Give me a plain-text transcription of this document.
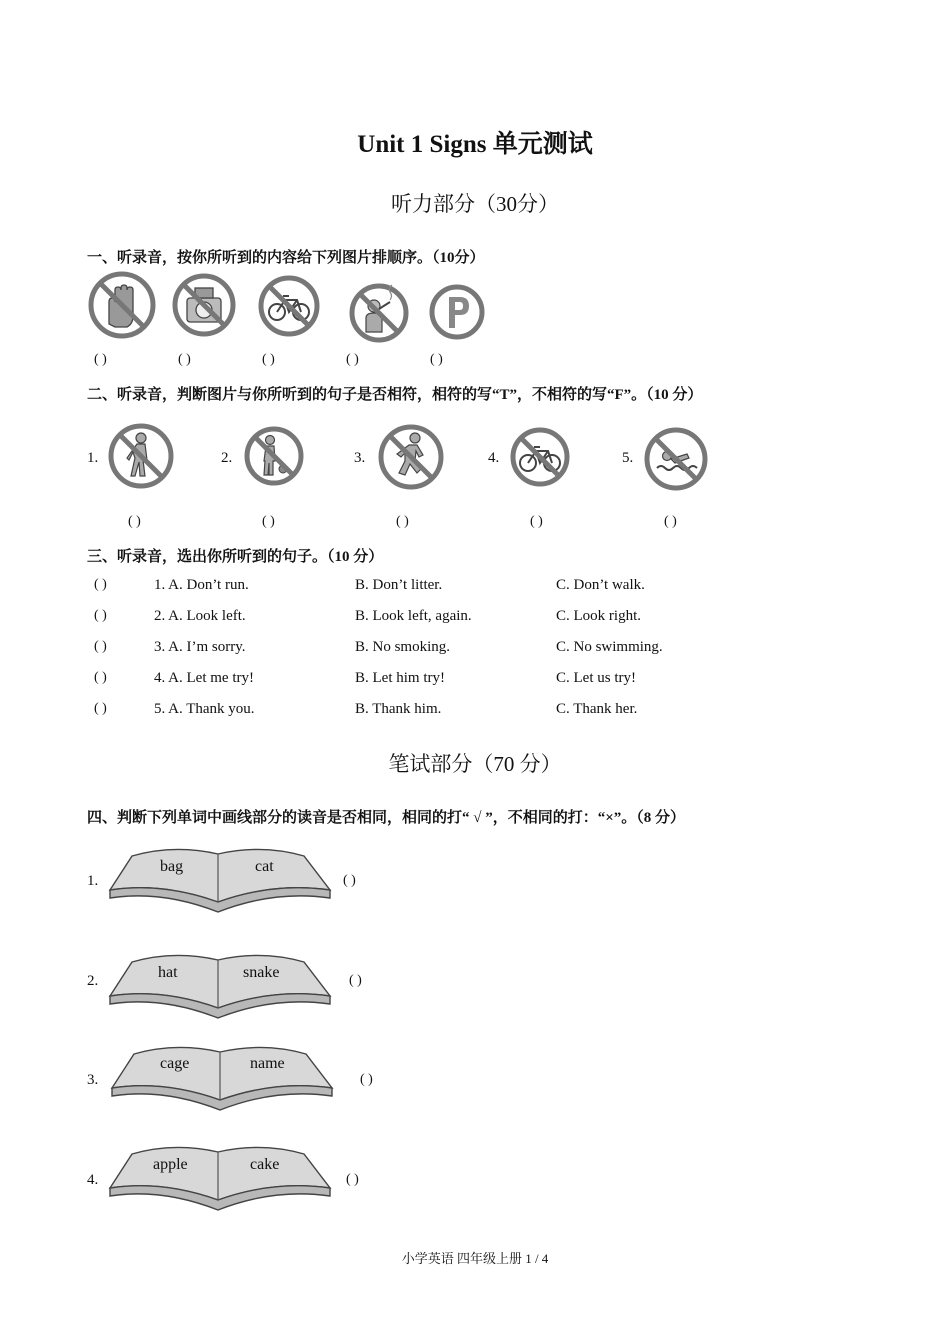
Unit 1 Signs 单元测试
听力部分（30分）
一、听录音，按你所听到的内容给下列图片排顺序。（10分）
( )	( )	( )	( )	( )
二、听录音，判断图片与你所听到的句子是否相符，相符的写“T”，不相符的写“F”。（10 分）
1.	2.	3.	4.	5.
( )	( )	( )	( )	( )
三、听录音，选出你所听到的句子。（10 分）
( )	1. A. Don’t run.	B. Don’t litter.	C. Don’t walk.
( )	2. A. Look left.	B. Look left, again.	C. Look right.
( )	3. A. I’m sorry.	B. No smoking.	C. No swimming.
( )	4. A. Let me try!	B. Let him try!	C. Let us try!
( )	5. A. Thank you.	B. Thank him.	C. Thank her.
笔试部分（70 分）
四、判断下列单词中画线部分的读音是否相同，相同的打“ √ ”，不相同的打：“×”。（8 分）
1.
bag	cat
( )
2.	hat	snake	( )
3.
cage	name
( )
4.
apple	cake
( )
小学英语 四年级上册 1 / 4
